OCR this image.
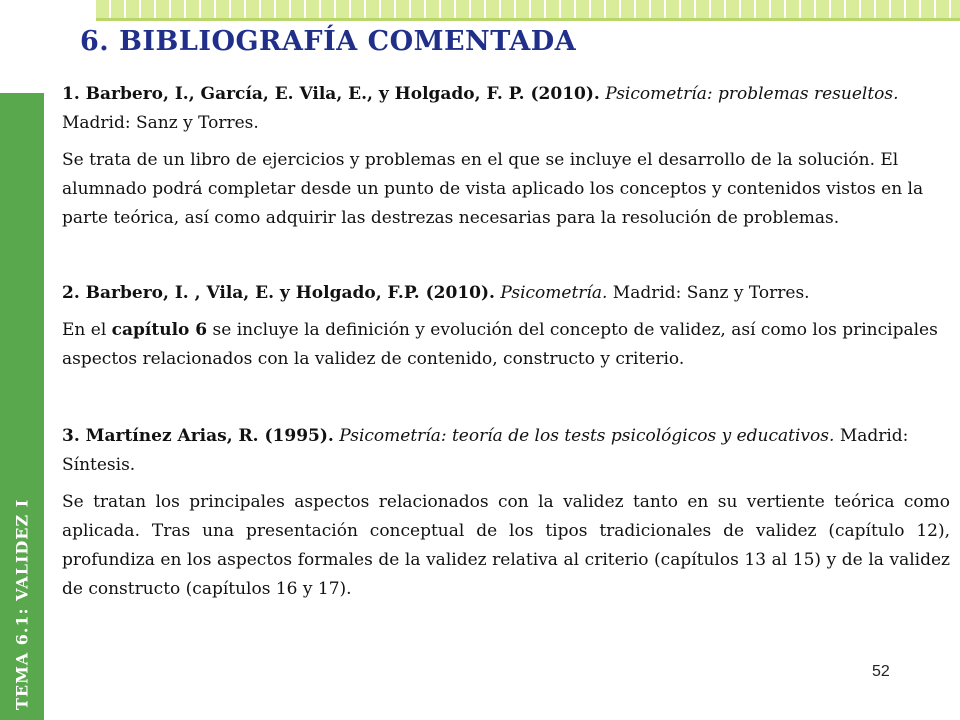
TEMA 6.1: VALIDEZ I
6. BIBLIOGRAFÍA COMENTADA

1. Barbero, I., García, E. Vila, E., y Holgado, F. P. (2010). Psicometría: problemas resueltos. Madrid: Sanz y Torres.

Se trata de un libro de ejercicios y problemas en el que se incluye el desarrollo de la solución. El alumnado podrá completar desde un punto de vista aplicado los conceptos y contenidos vistos en la parte teórica, así como adquirir las destrezas necesarias para la resolución de problemas.

2. Barbero, I. , Vila, E. y Holgado, F.P. (2010). Psicometría. Madrid: Sanz y Torres.

En el capítulo 6 se incluye la definición y evolución del concepto de validez, así como los principales aspectos relacionados con la validez de contenido, constructo y criterio.

3. Martínez Arias, R. (1995). Psicometría: teoría de los tests psicológicos y educativos. Madrid: Síntesis.

Se tratan los principales aspectos relacionados con la validez tanto en su vertiente teórica como aplicada. Tras una presentación conceptual de los tipos tradicionales de validez (capítulo 12), profundiza en los aspectos formales de la validez relativa al criterio (capítulos 13 al 15) y de la validez de constructo (capítulos 16 y 17).

52
